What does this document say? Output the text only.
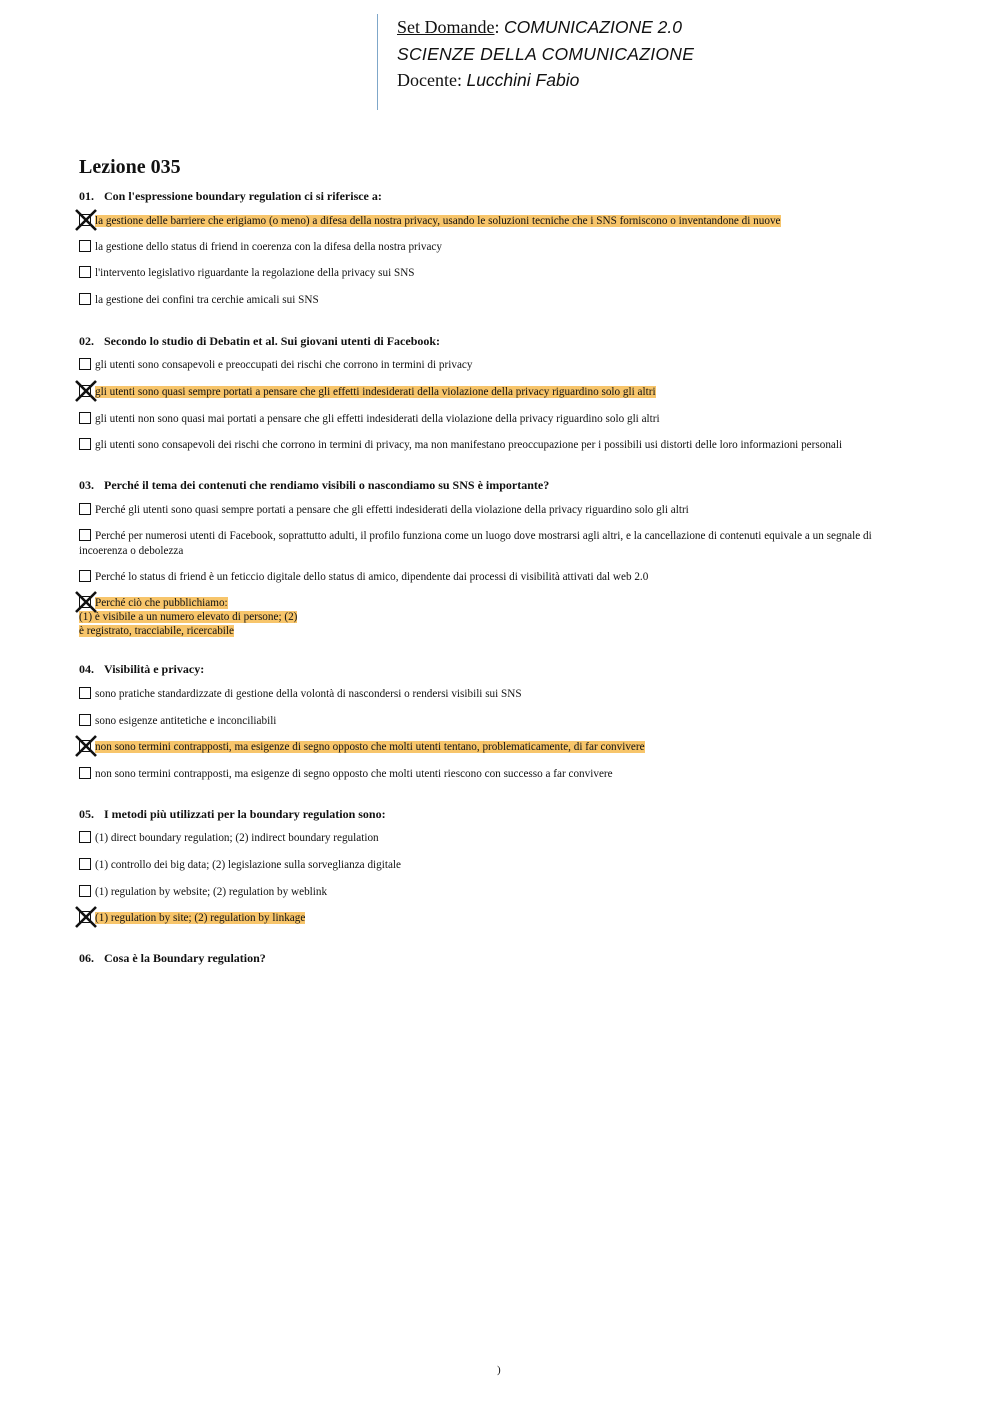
Set Domande: COMUNICAZIONE 2.0
SCIENZE DELLA COMUNICAZIONE
Docente: Lucchini Fabio
Lezione 035
01. Con l'espressione boundary regulation ci si riferisce a:
la gestione delle barriere che erigiamo (o meno) a difesa della nostra privacy, usando le soluzioni tecniche che i SNS forniscono o inventandone di nuove
la gestione dello status di friend in coerenza con la difesa della nostra privacy
l'intervento legislativo riguardante la regolazione della privacy sui SNS
la gestione dei confini tra cerchie amicali sui SNS
02. Secondo lo studio di Debatin et al. Sui giovani utenti di Facebook:
gli utenti sono consapevoli e preoccupati dei rischi che corrono in termini di privacy
gli utenti sono quasi sempre portati a pensare che gli effetti indesiderati della violazione della privacy riguardino solo gli altri
gli utenti non sono quasi mai portati a pensare che gli effetti indesiderati della violazione della privacy riguardino solo gli altri
gli utenti sono consapevoli dei rischi che corrono in termini di privacy, ma non manifestano preoccupazione per i possibili usi distorti delle loro informazioni personali
03. Perché il tema dei contenuti che rendiamo visibili o nascondiamo su SNS è importante?
Perché gli utenti sono quasi sempre portati a pensare che gli effetti indesiderati della violazione della privacy riguardino solo gli altri
Perché per numerosi utenti di Facebook, soprattutto adulti, il profilo funziona come un luogo dove mostrarsi agli altri, e la cancellazione di contenuti equivale a un segnale di incoerenza o debolezza
Perché lo status di friend è un feticcio digitale dello status di amico, dipendente dai processi di visibilità attivati dal web 2.0
Perché ciò che pubblichiamo:
(1) è visibile a un numero elevato di persone; (2)
è registrato, tracciabile, ricercabile
04. Visibilità e privacy:
sono pratiche standardizzate di gestione della volontà di nascondersi o rendersi visibili sui SNS
sono esigenze antitetiche e inconciliabili
non sono termini contrapposti, ma esigenze di segno opposto che molti utenti tentano, problematicamente, di far convivere
non sono termini contrapposti, ma esigenze di segno opposto che molti utenti riescono con successo a far convivere
05. I metodi più utilizzati per la boundary regulation sono:
(1) direct boundary regulation; (2) indirect boundary regulation
(1) controllo dei big data; (2) legislazione sulla sorveglianza digitale
(1) regulation by website; (2) regulation by weblink
(1) regulation by site; (2) regulation by linkage
06. Cosa è la Boundary regulation?
)
